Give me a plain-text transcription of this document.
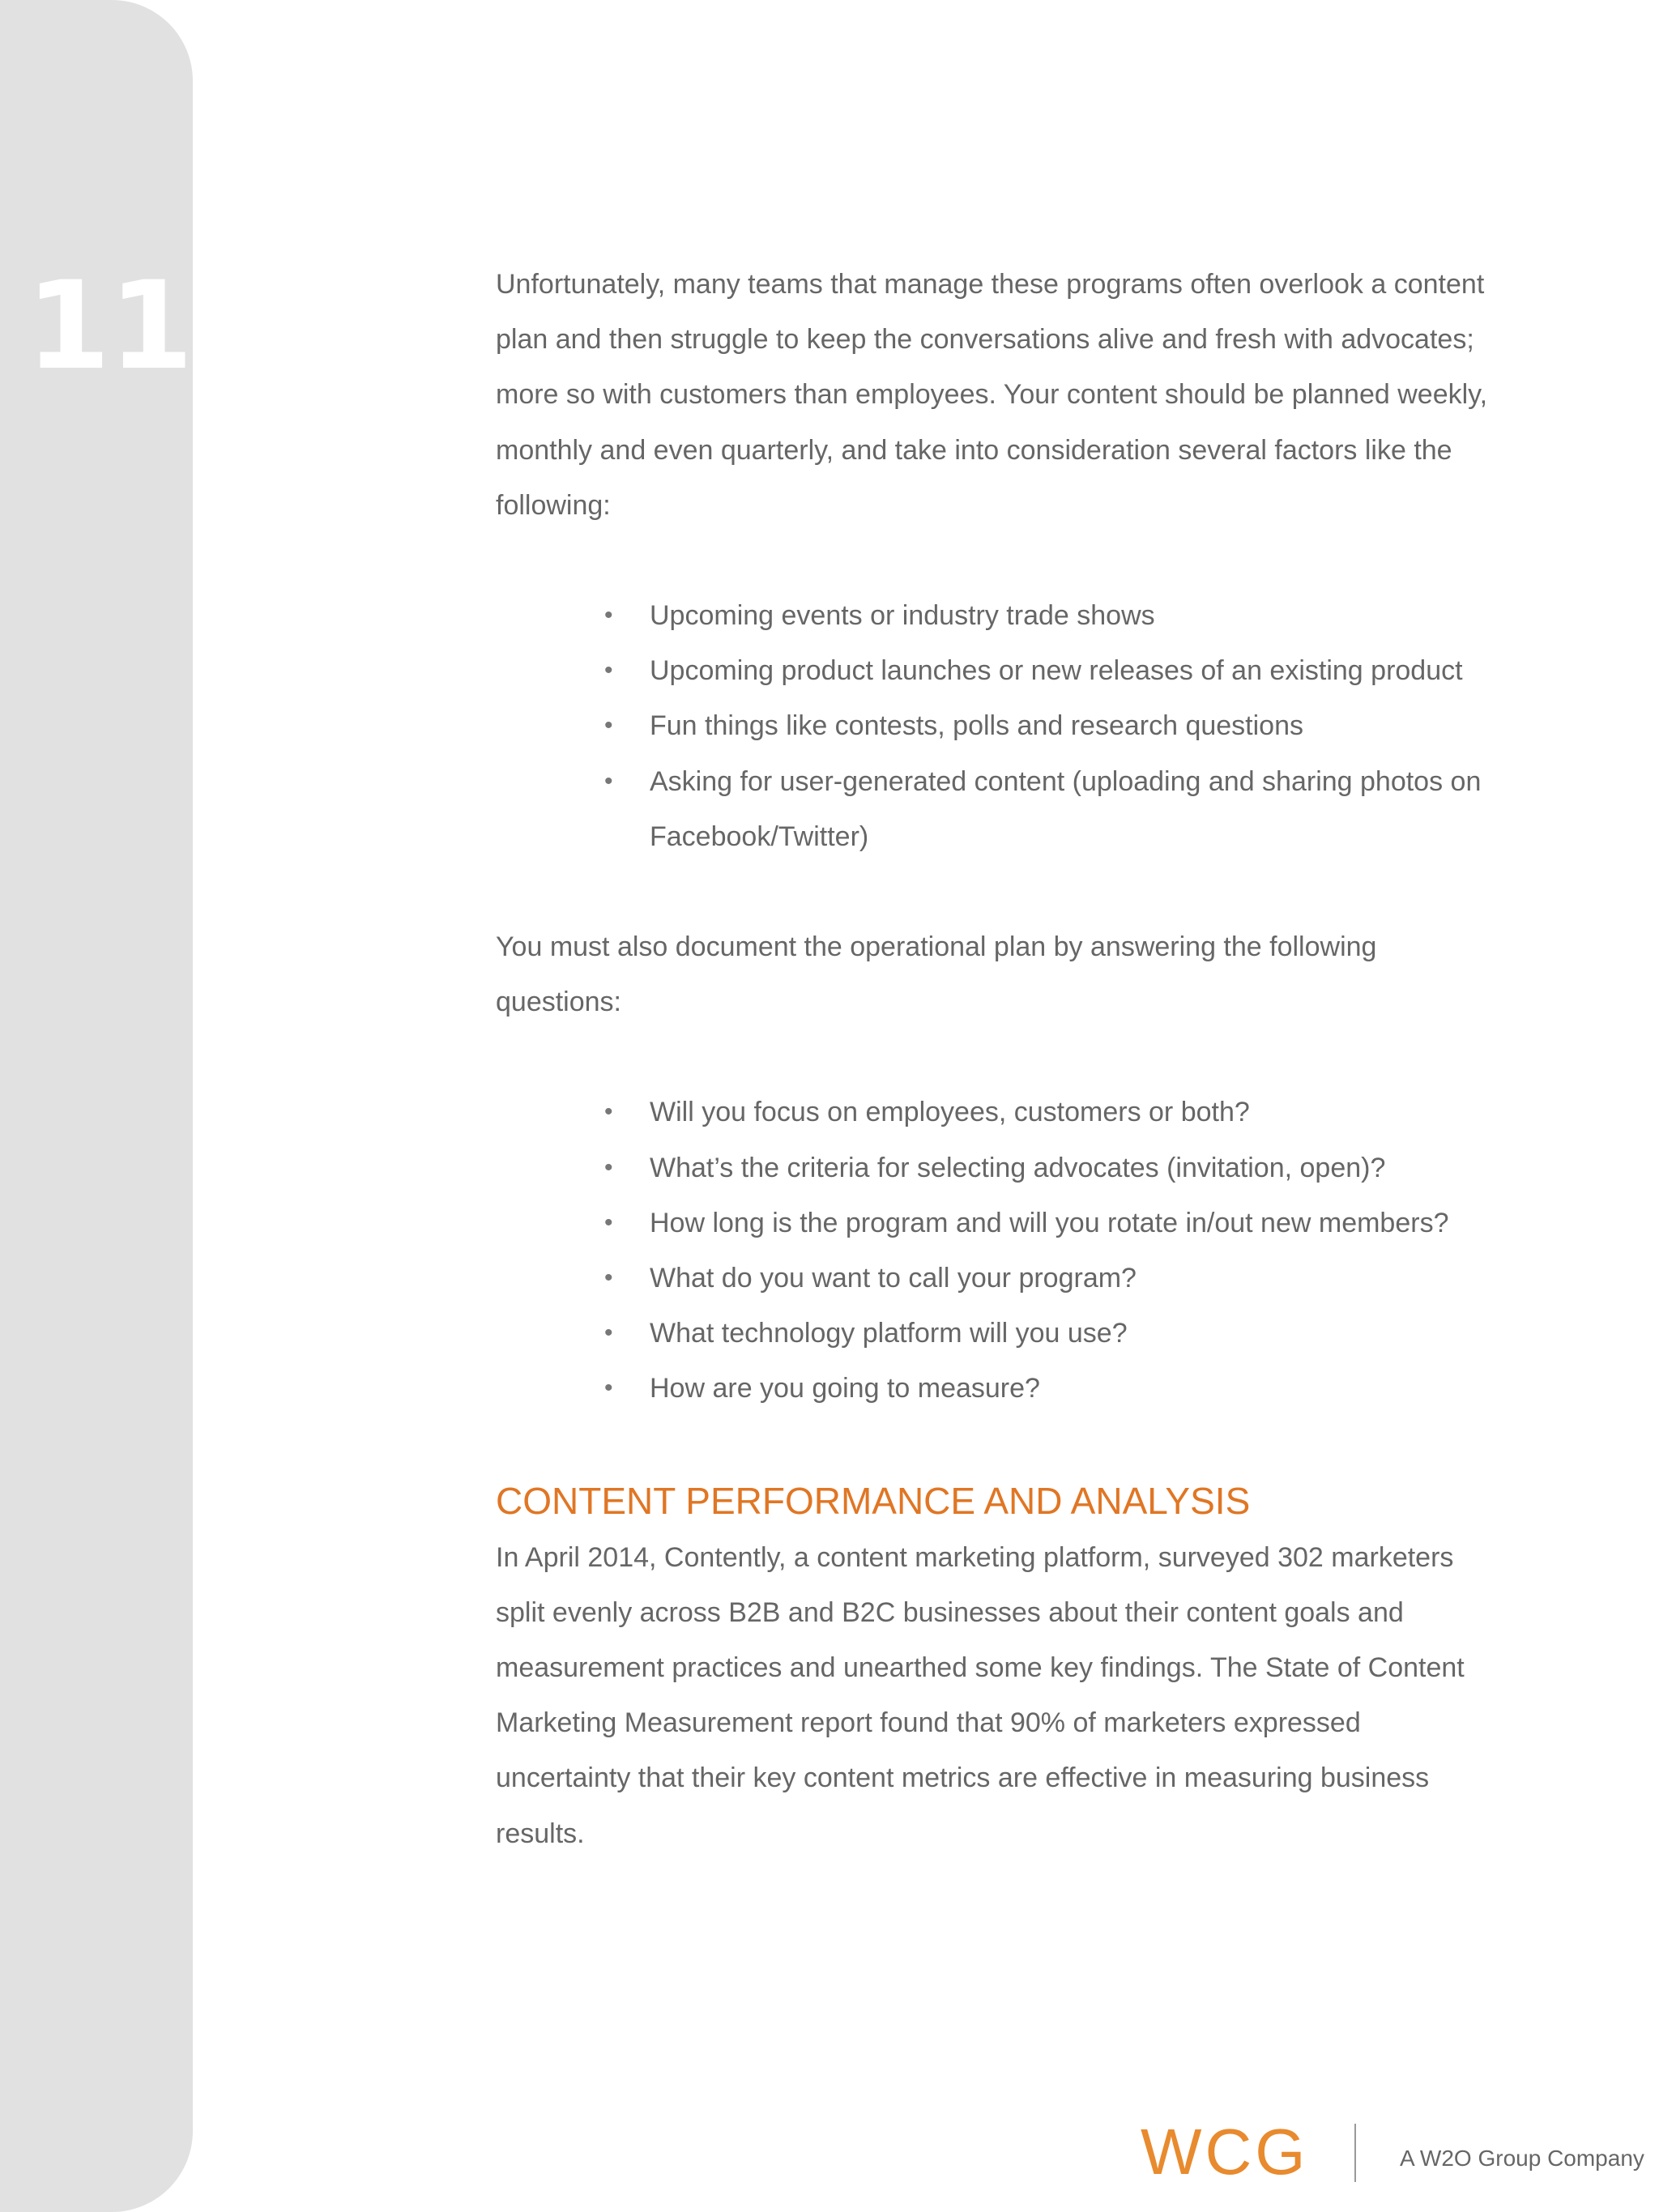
11	Unfortunately, many teams that manage these programs often overlook a content plan and then struggle to keep the conversations alive and fresh with advocates; more so with customers than employees. Your content should be planned weekly, monthly and even quarterly, and take into consideration several factors like the following:

• Upcoming events or industry trade shows
• Upcoming product launches or new releases of an existing product
• Fun things like contests, polls and research questions
• Asking for user-generated content (uploading and sharing photos on Facebook/Twitter)

You must also document the operational plan by answering the following questions:

• Will you focus on employees, customers or both?
• What’s the criteria for selecting advocates (invitation, open)?
• How long is the program and will you rotate in/out new members?
• What do you want to call your program?
• What technology platform will you use?
• How are you going to measure?
CONTENT PERFORMANCE AND ANALYSIS

In April 2014, Contently, a content marketing platform, surveyed 302 marketers split evenly across B2B and B2C businesses about their content goals and measurement practices and unearthed some key findings. The State of Content Marketing Measurement report found that 90% of marketers expressed uncertainty that their key content metrics are effective in measuring business results.

WCG	A W2O Group Company
